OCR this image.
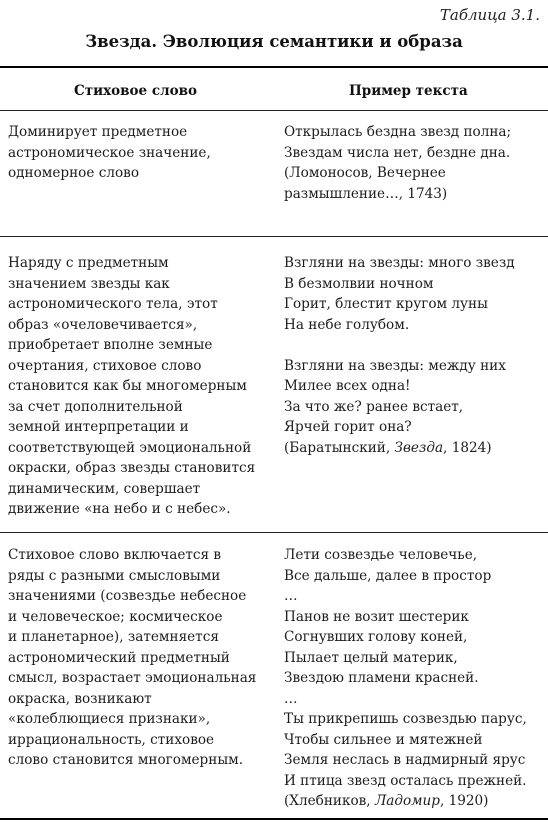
Таблица 3.1.
Звезда. Эволюция семантики и образа
Стиховое слово	Пример текста
Доминирует предметное
астрономическое значение,
одномерное слово
Открылась бездна звезд полна;
Звездам числа нет, бездне дна.
(Ломоносов, Вечернее
размышление…, 1743)
Наряду с предметным
значением звезды как
астрономического тела, этот
образ «очеловечивается»,
приобретает вполне земные
очертания, стиховое слово
становится как бы многомерным
за счет дополнительной
земной интерпретации и
соответствующей эмоциональной
окраски, образ звезды становится
динамическим, совершает
движение «на небо и с небес».
Взгляни на звезды: много звезд
В безмолвии ночном
Горит, блестит кругом луны
На небе голубом.
Взгляни на звезды: между них
Милее всех одна!
За что же? ранее встает,
Ярчей горит она?
(Баратынский, Звезда, 1824)
Стиховое слово включается в
ряды с разными смысловыми
значениями (созвездье небесное
и человеческое; космическое
и планетарное), затемняется
астрономический предметный
смысл, возрастает эмоциональная
окраска, возникают
«колеблющиеся признаки»,
иррациональность, стиховое
слово становится многомерным.
Лети созвездье человечье,
Все дальше, далее в простор
…
Панов не возит шестерик
Согнувших голову коней,
Пылает целый материк,
Звездою пламени красней.
…
Ты прикрепишь созвездью парус,
Чтобы сильнее и мятежней
Земля неслась в надмирный ярус
И птица звезд осталась прежней.
(Хлебников, Ладомир, 1920)
